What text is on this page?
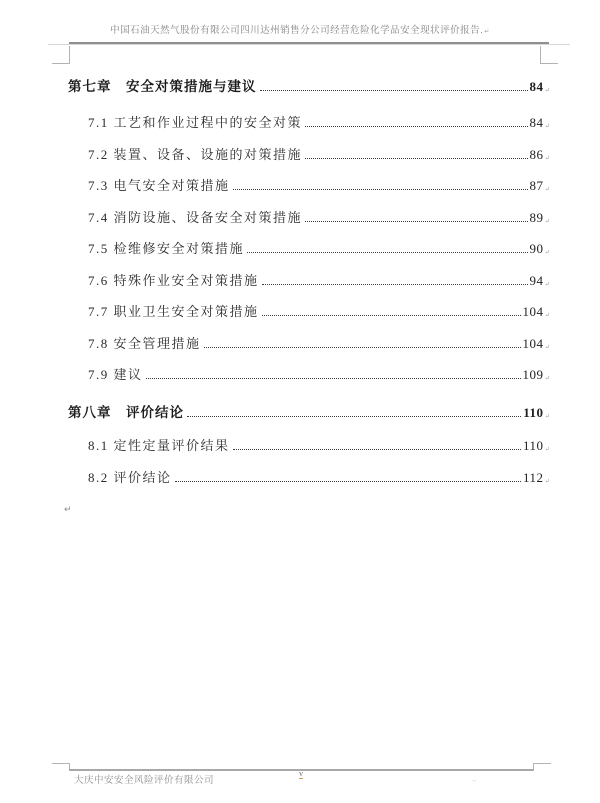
中国石油天然气股份有限公司四川达州销售分公司经营危险化学品安全现状评价报告.↵
第七章　安全对策措施与建议	84 ↵
7.1 工艺和作业过程中的安全对策	84 ↵
7.2 装置、设备、设施的对策措施	86 ↵
7.3 电气安全对策措施	87 ↵
7.4 消防设施、设备安全对策措施	89 ↵
7.5 检维修安全对策措施	90 ↵
7.6 特殊作业安全对策措施	94 ↵
7.7 职业卫生安全对策措施	104 ↵
7.8 安全管理措施	104 ↵
7.9 建议	109 ↵
第八章　评价结论	110 ↵
8.1 定性定量评价结果	110 ↵
8.2 评价结论	112 ↵
↵
大庆中安安全风险评价有限公司
v
.,
